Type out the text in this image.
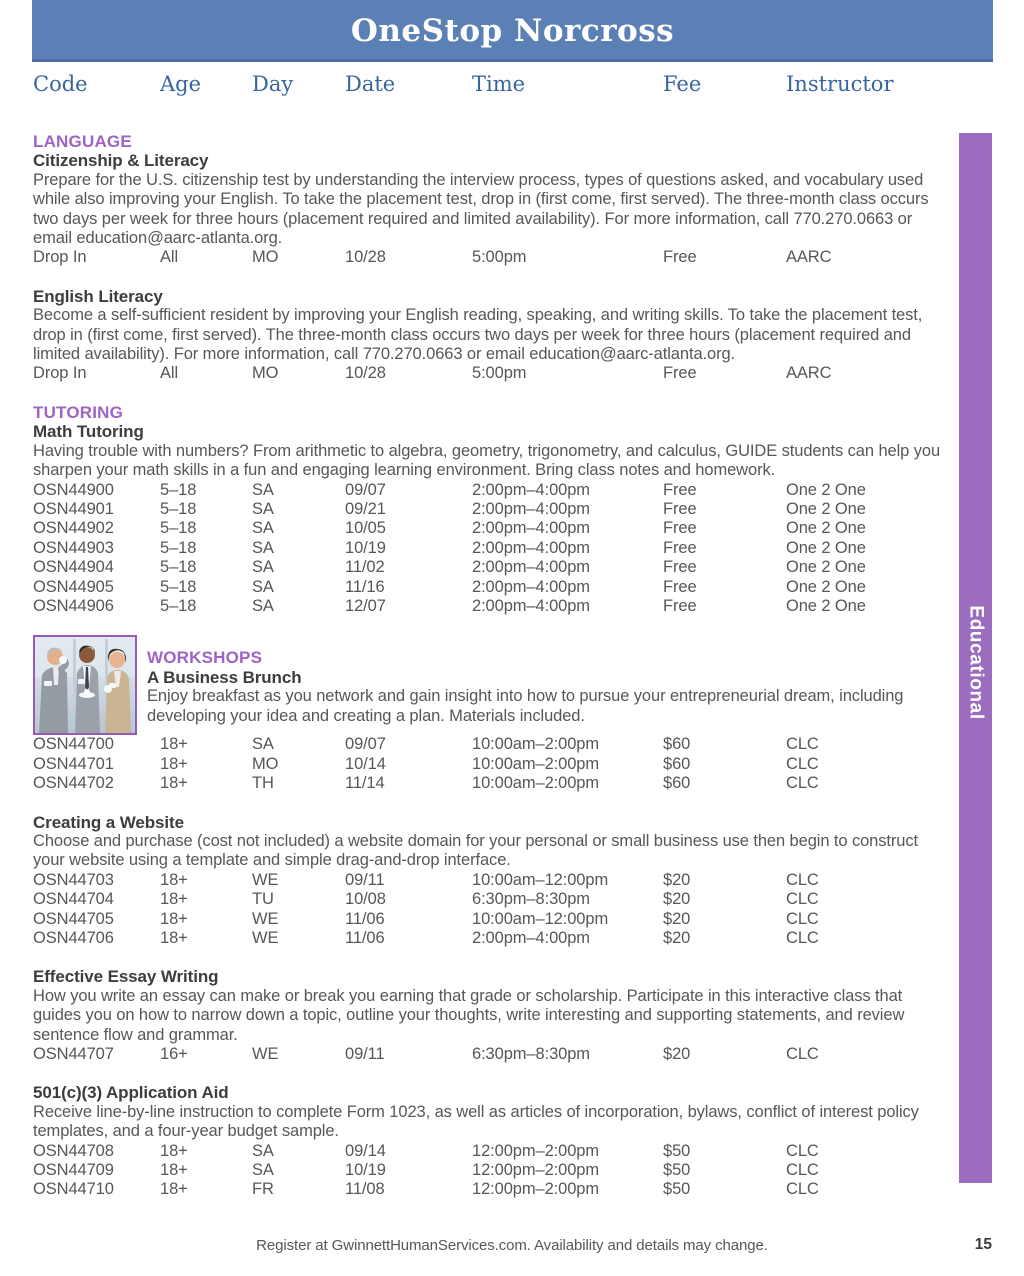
OneStop Norcross
Code	Age Day Date	Time	Fee	Instructor
Educational
LANGUAGE
Citizenship & Literacy
Prepare for the U.S. citizenship test by understanding the interview process, types of questions asked, and vocabulary used while also improving your English. To take the placement test, drop in (first come, first served). The three-month class occurs two days per week for three hours (placement required and limited availability). For more information, call 770.270.0663 or email education@aarc-atlanta.org.
Drop In	All	MO	10/28	5:00pm	Free	AARC
English Literacy
Become a self-sufficient resident by improving your English reading, speaking, and writing skills. To take the placement test, drop in (first come, first served). The three-month class occurs two days per week for three hours (placement required and limited availability). For more information, call 770.270.0663 or email education@aarc-atlanta.org.
Drop In	All	MO	10/28	5:00pm	Free	AARC
TUTORING
Math Tutoring
Having trouble with numbers? From arithmetic to algebra, geometry, trigonometry, and calculus, GUIDE students can help you sharpen your math skills in a fun and engaging learning environment. Bring class notes and homework.
OSN44900	5–18	SA	09/07	2:00pm–4:00pm	Free	One 2 One
OSN44901	5–18	SA	09/21	2:00pm–4:00pm	Free	One 2 One
OSN44902	5–18	SA	10/05	2:00pm–4:00pm	Free	One 2 One
OSN44903	5–18	SA	10/19	2:00pm–4:00pm	Free	One 2 One
OSN44904	5–18	SA	11/02	2:00pm–4:00pm	Free	One 2 One
OSN44905	5–18	SA	11/16	2:00pm–4:00pm	Free	One 2 One
OSN44906	5–18	SA	12/07	2:00pm–4:00pm	Free	One 2 One
WORKSHOPS
A Business Brunch
Enjoy breakfast as you network and gain insight into how to pursue your entrepreneurial dream, including developing your idea and creating a plan. Materials included.
OSN44700	18+	SA	09/07	10:00am–2:00pm	$60	CLC
OSN44701	18+	MO	10/14	10:00am–2:00pm	$60	CLC
OSN44702	18+	TH	11/14	10:00am–2:00pm	$60	CLC
Creating a Website
Choose and purchase (cost not included) a website domain for your personal or small business use then begin to construct your website using a template and simple drag-and-drop interface.
OSN44703	18+	WE	09/11	10:00am–12:00pm	$20	CLC
OSN44704	18+	TU	10/08	6:30pm–8:30pm	$20	CLC
OSN44705	18+	WE	11/06	10:00am–12:00pm	$20	CLC
OSN44706	18+	WE	11/06	2:00pm–4:00pm	$20	CLC
Effective Essay Writing
How you write an essay can make or break you earning that grade or scholarship. Participate in this interactive class that guides you on how to narrow down a topic, outline your thoughts, write interesting and supporting statements, and review sentence flow and grammar.
OSN44707	16+	WE	09/11	6:30pm–8:30pm	$20	CLC
501(c)(3) Application Aid
Receive line-by-line instruction to complete Form 1023, as well as articles of incorporation, bylaws, conflict of interest policy templates, and a four-year budget sample.
OSN44708	18+	SA	09/14	12:00pm–2:00pm	$50	CLC
OSN44709	18+	SA	10/19	12:00pm–2:00pm	$50	CLC
OSN44710	18+	FR	11/08	12:00pm–2:00pm	$50	CLC
Register at GwinnettHumanServices.com. Availability and details may change.	15
